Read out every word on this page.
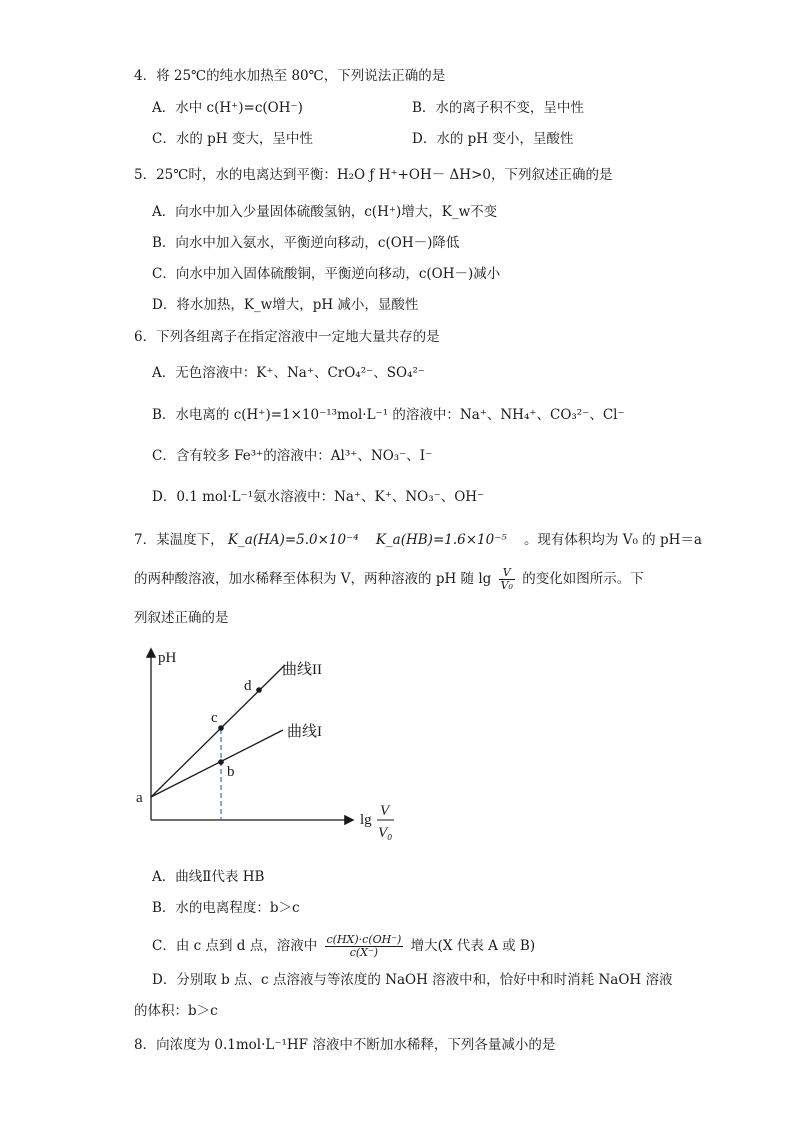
4．将 25℃的纯水加热至 80℃，下列说法正确的是
A．水中 c(H⁺)=c(OH⁻)	B．水的离子积不变，呈中性
C．水的 pH 变大，呈中性	D．水的 pH 变小，呈酸性
5．25℃时，水的电离达到平衡：H₂O ƒ H⁺+OH－ ΔH>0，下列叙述正确的是
A．向水中加入少量固体硫酸氢钠，c(H⁺)增大，K_w不变
B．向水中加入氨水，平衡逆向移动，c(OH－)降低
C．向水中加入固体硫酸铜，平衡逆向移动，c(OH－)减小
D．将水加热，K_w增大，pH 减小，显酸性
6．下列各组离子在指定溶液中一定地大量共存的是
A．无色溶液中：K⁺、Na⁺、CrO₄²⁻、SO₄²⁻
B．水电离的 c(H⁺)=1×10⁻¹³mol·L⁻¹ 的溶液中：Na⁺、NH₄⁺、CO₃²⁻、Cl⁻
C．含有较多 Fe³⁺的溶液中：Al³⁺、NO₃⁻、I⁻
D．0.1 mol·L⁻¹氨水溶液中：Na⁺、K⁺、NO₃⁻、OH⁻
7．某温度下， K_a(HA)=5.0×10⁻⁴ K_a(HB)=1.6×10⁻⁵ 。现有体积均为 V₀ 的 pH＝a
的两种酸溶液，加水稀释至体积为 V，两种溶液的 pH 随 $\lg \frac{V}{\text{V₀}}$ 的变化如图所示。下
列叙述正确的是
pH
曲线II
曲线I
a
b
c
d
lg
V
V₀
A．曲线Ⅱ代表 HB
B．水的电离程度：b＞c
C．由 c 点到 d 点，溶液中 $\frac{c(HX)\cdot c(OH^-)}{c(X^-)}$ 增大(X 代表 A 或 B)
D．分别取 b 点、c 点溶液与等浓度的 NaOH 溶液中和，恰好中和时消耗 NaOH 溶液
的体积：b＞c
8．向浓度为 0.1mol·L⁻¹HF 溶液中不断加水稀释，下列各量减小的是
